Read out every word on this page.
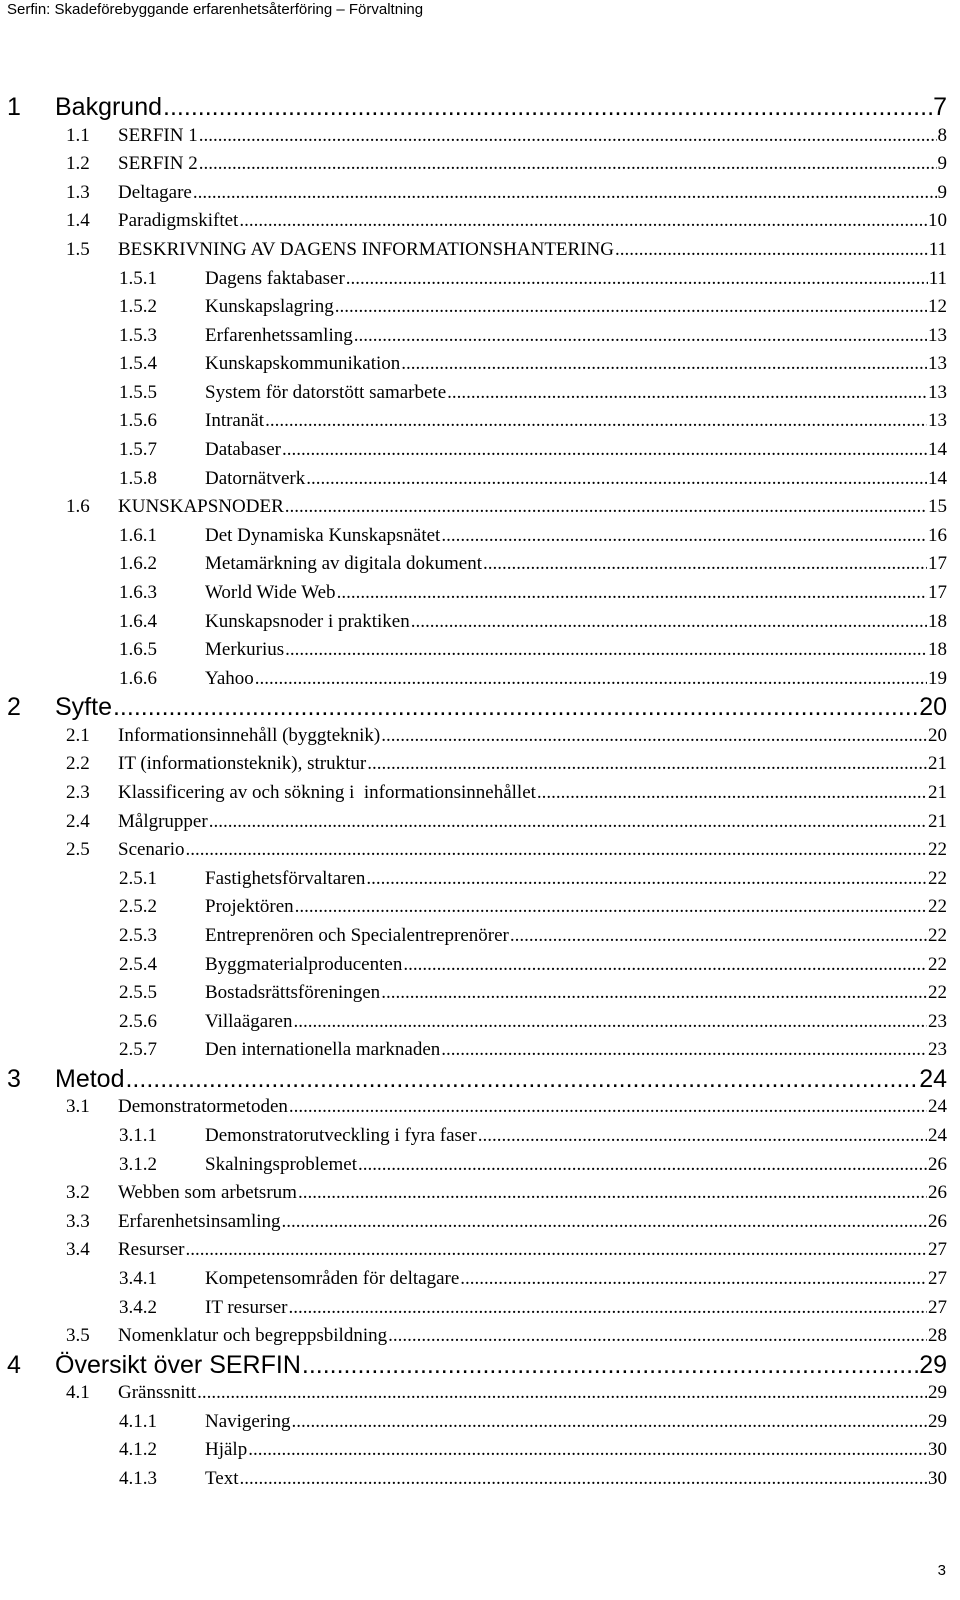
Serfin: Skadeförebyggande erfarenhetsåterföring – Förvaltning
1 Bakgrund .....	7
1.1 SERFIN 1 .....	8
1.2 SERFIN 2 .....	9
1.3 Deltagare .....	9
1.4 Paradigmskiftet .....	10
1.5 BESKRIVNING AV DAGENS INFORMATIONSHANTERING .....	11
1.5.1	Dagens faktabaser .....	11
1.5.2	Kunskapslagring .....	12
1.5.3	Erfarenhetssamling .....	13
1.5.4	Kunskapskommunikation .....	13
1.5.5	System för datorstött samarbete .....	13
1.5.6	Intranät .....	13
1.5.7	Databaser .....	14
1.5.8	Datornätverk .....	14
1.6 KUNSKAPSNODER .....	15
1.6.1	Det Dynamiska Kunskapsnätet .....	16
1.6.2	Metamärkning av digitala dokument .....	17
1.6.3	World Wide Web .....	17
1.6.4	Kunskapsnoder i praktiken .....	18
1.6.5	Merkurius .....	18
1.6.6	Yahoo .....	19
2 Syfte .....	20
2.1 Informationsinnehåll (byggteknik) .....	20
2.2 IT (informationsteknik), struktur .....	21
2.3 Klassificering av och sökning i  informationsinnehållet .....	21
2.4 Målgrupper .....	21
2.5 Scenario .....	22
2.5.1	Fastighetsförvaltaren .....	22
2.5.2	Projektören .....	22
2.5.3	Entreprenören och Specialentreprenörer .....	22
2.5.4	Byggmaterialproducenten .....	22
2.5.5	Bostadsrättsföreningen .....	22
2.5.6	Villaägaren .....	23
2.5.7	Den internationella marknaden .....	23
3 Metod .....	24
3.1 Demonstratormetoden .....	24
3.1.1	Demonstratorutveckling i fyra faser .....	24
3.1.2	Skalningsproblemet .....	26
3.2 Webben som arbetsrum .....	26
3.3 Erfarenhetsinsamling .....	26
3.4 Resurser .....	27
3.4.1	Kompetensområden för deltagare .....	27
3.4.2	IT resurser .....	27
3.5 Nomenklatur och begreppsbildning .....	28
4 Översikt över SERFIN .....	29
4.1 Gränssnitt .....	29
4.1.1	Navigering .....	29
4.1.2	Hjälp .....	30
4.1.3	Text .....	30
3
